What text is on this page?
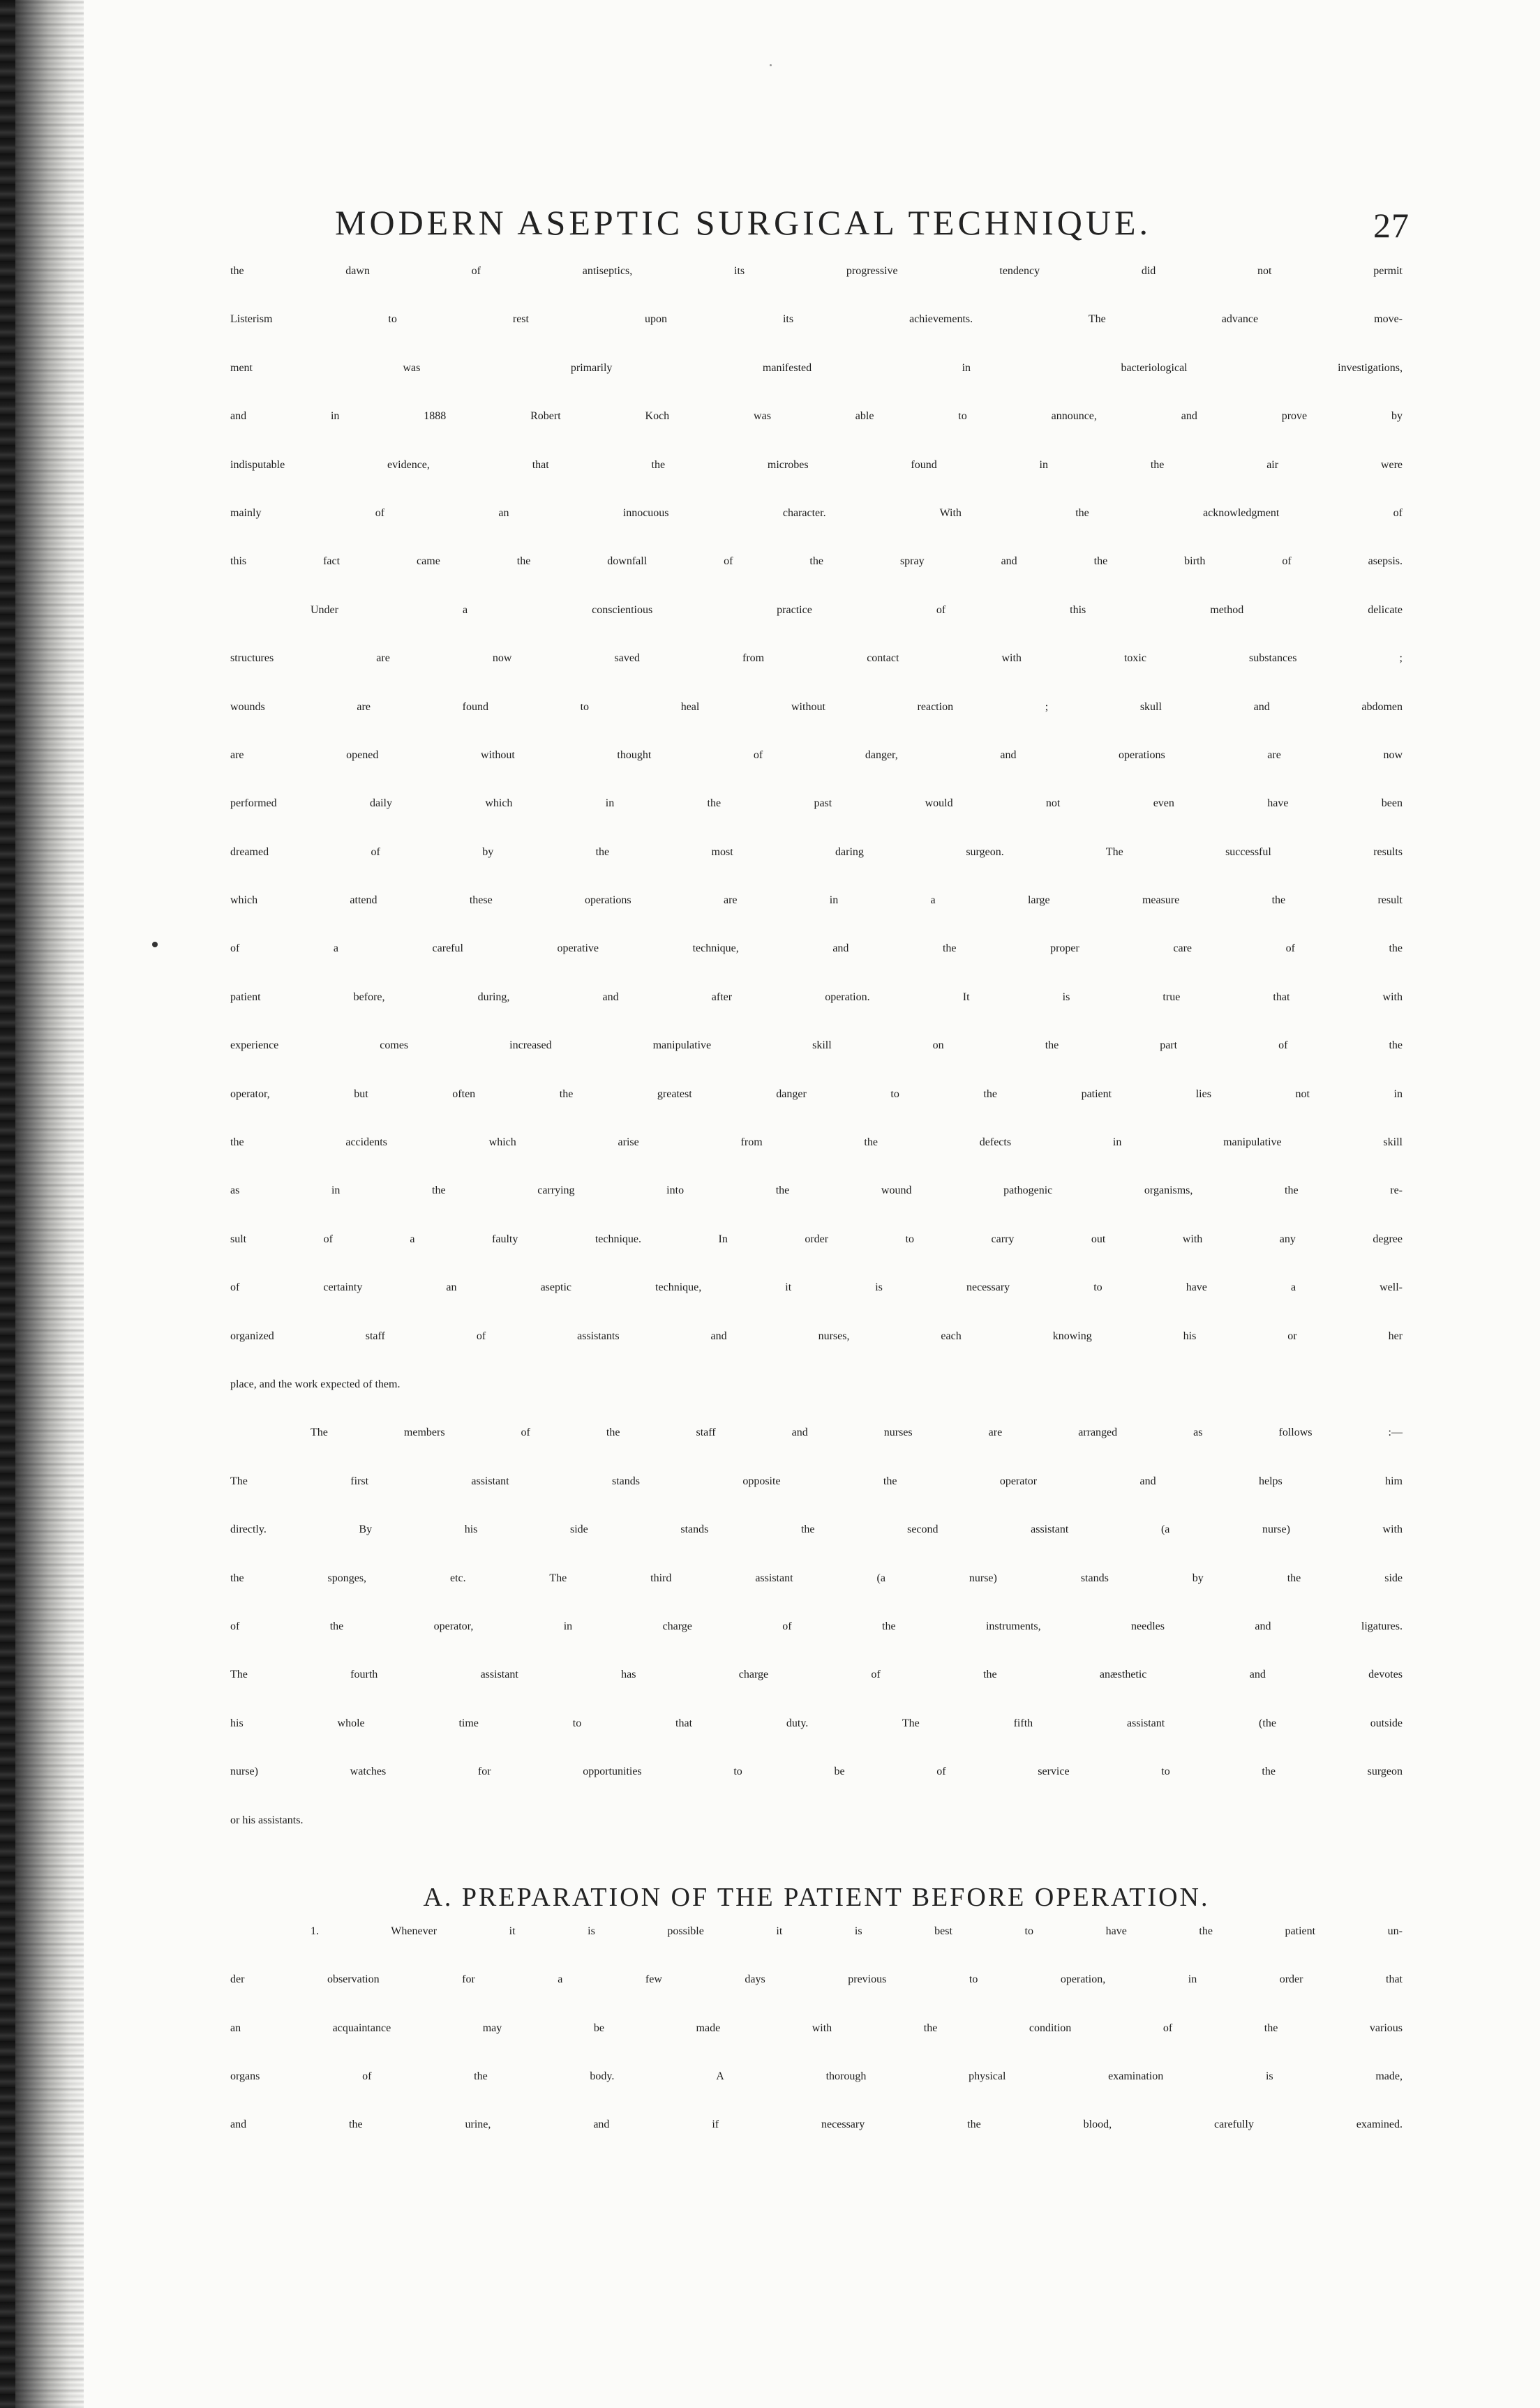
MODERN ASEPTIC SURGICAL TECHNIQUE.	27
the dawn of antiseptics, its progressive tendency did not permit
Listerism to rest upon its achievements. The advance move-
ment was primarily manifested in bacteriological investigations,
and in 1888 Robert Koch was able to announce, and prove by
indisputable evidence, that the microbes found in the air were
mainly of an innocuous character. With the acknowledgment of
this fact came the downfall of the spray and the birth of asepsis.
Under a conscientious practice of this method delicate
structures are now saved from contact with toxic substances ;
wounds are found to heal without reaction ; skull and abdomen
are opened without thought of danger, and operations are now
performed daily which in the past would not even have been
dreamed of by the most daring surgeon. The successful results
which attend these operations are in a large measure the result
of a careful operative technique, and the proper care of the
patient before, during, and after operation. It is true that with
experience comes increased manipulative skill on the part of the
operator, but often the greatest danger to the patient lies not in
the accidents which arise from the defects in manipulative skill
as in the carrying into the wound pathogenic organisms, the re-
sult of a faulty technique. In order to carry out with any degree
of certainty an aseptic technique, it is necessary to have a well-
organized staff of assistants and nurses, each knowing his or her
place, and the work expected of them.
The members of the staff and nurses are arranged as follows :—
The first assistant stands opposite the operator and helps him
directly. By his side stands the second assistant (a nurse) with
the sponges, etc. The third assistant (a nurse) stands by the side
of the operator, in charge of the instruments, needles and ligatures.
The fourth assistant has charge of the anæsthetic and devotes
his whole time to that duty. The fifth assistant (the outside
nurse) watches for opportunities to be of service to the surgeon
or his assistants.
A. PREPARATION OF THE PATIENT BEFORE OPERATION.
1. Whenever it is possible it is best to have the patient un-
der observation for a few days previous to operation, in order that
an acquaintance may be made with the condition of the various
organs of the body. A thorough physical examination is made,
and the urine, and if necessary the blood, carefully examined.
